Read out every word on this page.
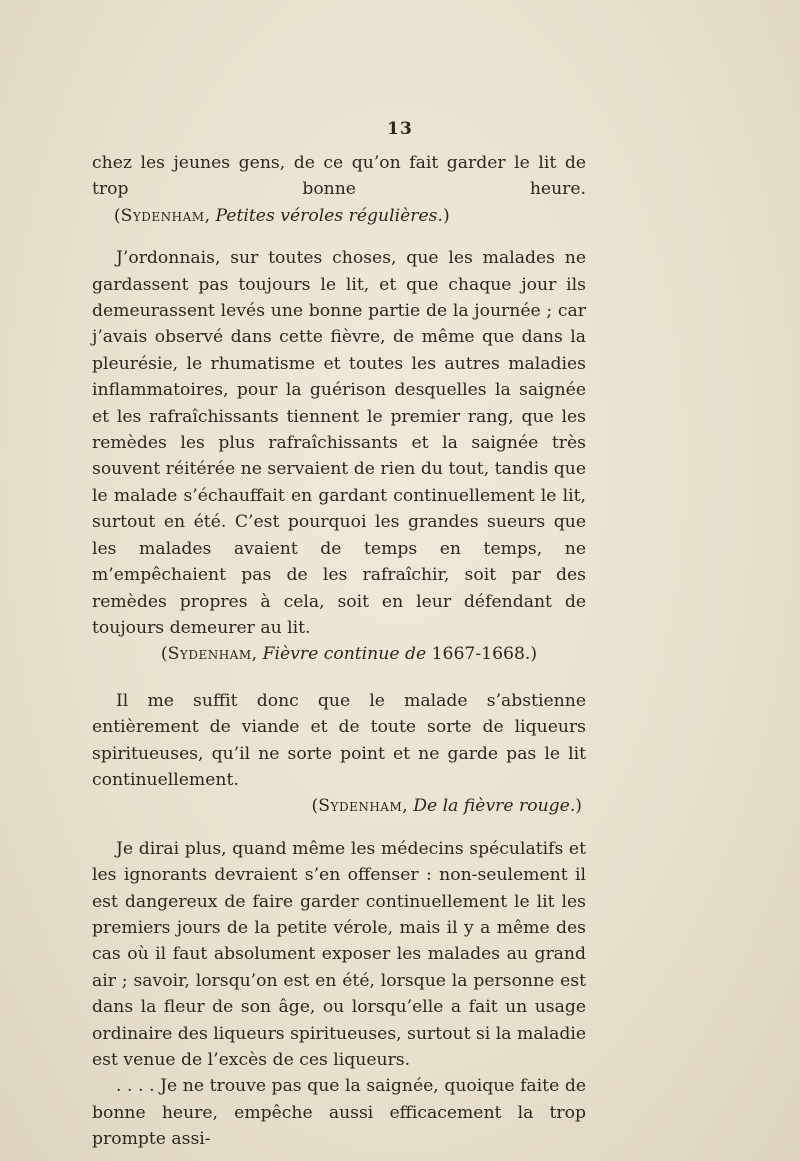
13

chez les jeunes gens, de ce qu’on fait garder le lit de trop bonne heure.     (Sydenham, Petites véroles régulières.)

J’ordonnais, sur toutes choses, que les malades ne gardassent pas toujours le lit, et que chaque jour ils demeurassent levés une bonne partie de la journée ; car j’avais observé dans cette fièvre, de même que dans la pleurésie, le rhumatisme et toutes les autres maladies inflammatoires, pour la guérison desquelles la saignée et les rafraîchissants tiennent le premier rang, que les remèdes les plus rafraîchissants et la saignée très souvent réitérée ne servaient de rien du tout, tandis que le malade s’échauffait en gardant continuellement le lit, surtout en été. C’est pourquoi les grandes sueurs que les malades avaient de temps en temps, ne m’empêchaient pas de les rafraîchir, soit par des remèdes propres à cela, soit en leur défendant de toujours demeurer au lit.

(Sydenham, Fièvre continue de 1667-1668.)

Il me suffit donc que le malade s’abstienne entièrement de viande et de toute sorte de liqueurs spiritueuses, qu’il ne sorte point et ne garde pas le lit continuellement.

(Sydenham, De la fièvre rouge.)

Je dirai plus, quand même les médecins spéculatifs et les ignorants devraient s’en offenser : non-seulement il est dangereux de faire garder continuellement le lit les premiers jours de la petite vérole, mais il y a même des cas où il faut absolument exposer les malades au grand air ; savoir, lorsqu’on est en été, lorsque la personne est dans la fleur de son âge, ou lorsqu’elle a fait un usage ordinaire des liqueurs spiritueuses, surtout si la maladie est venue de l’excès de ces liqueurs.

. . . . Je ne trouve pas que la saignée, quoique faite de bonne heure, empêche aussi efficacement la trop prompte assi-
